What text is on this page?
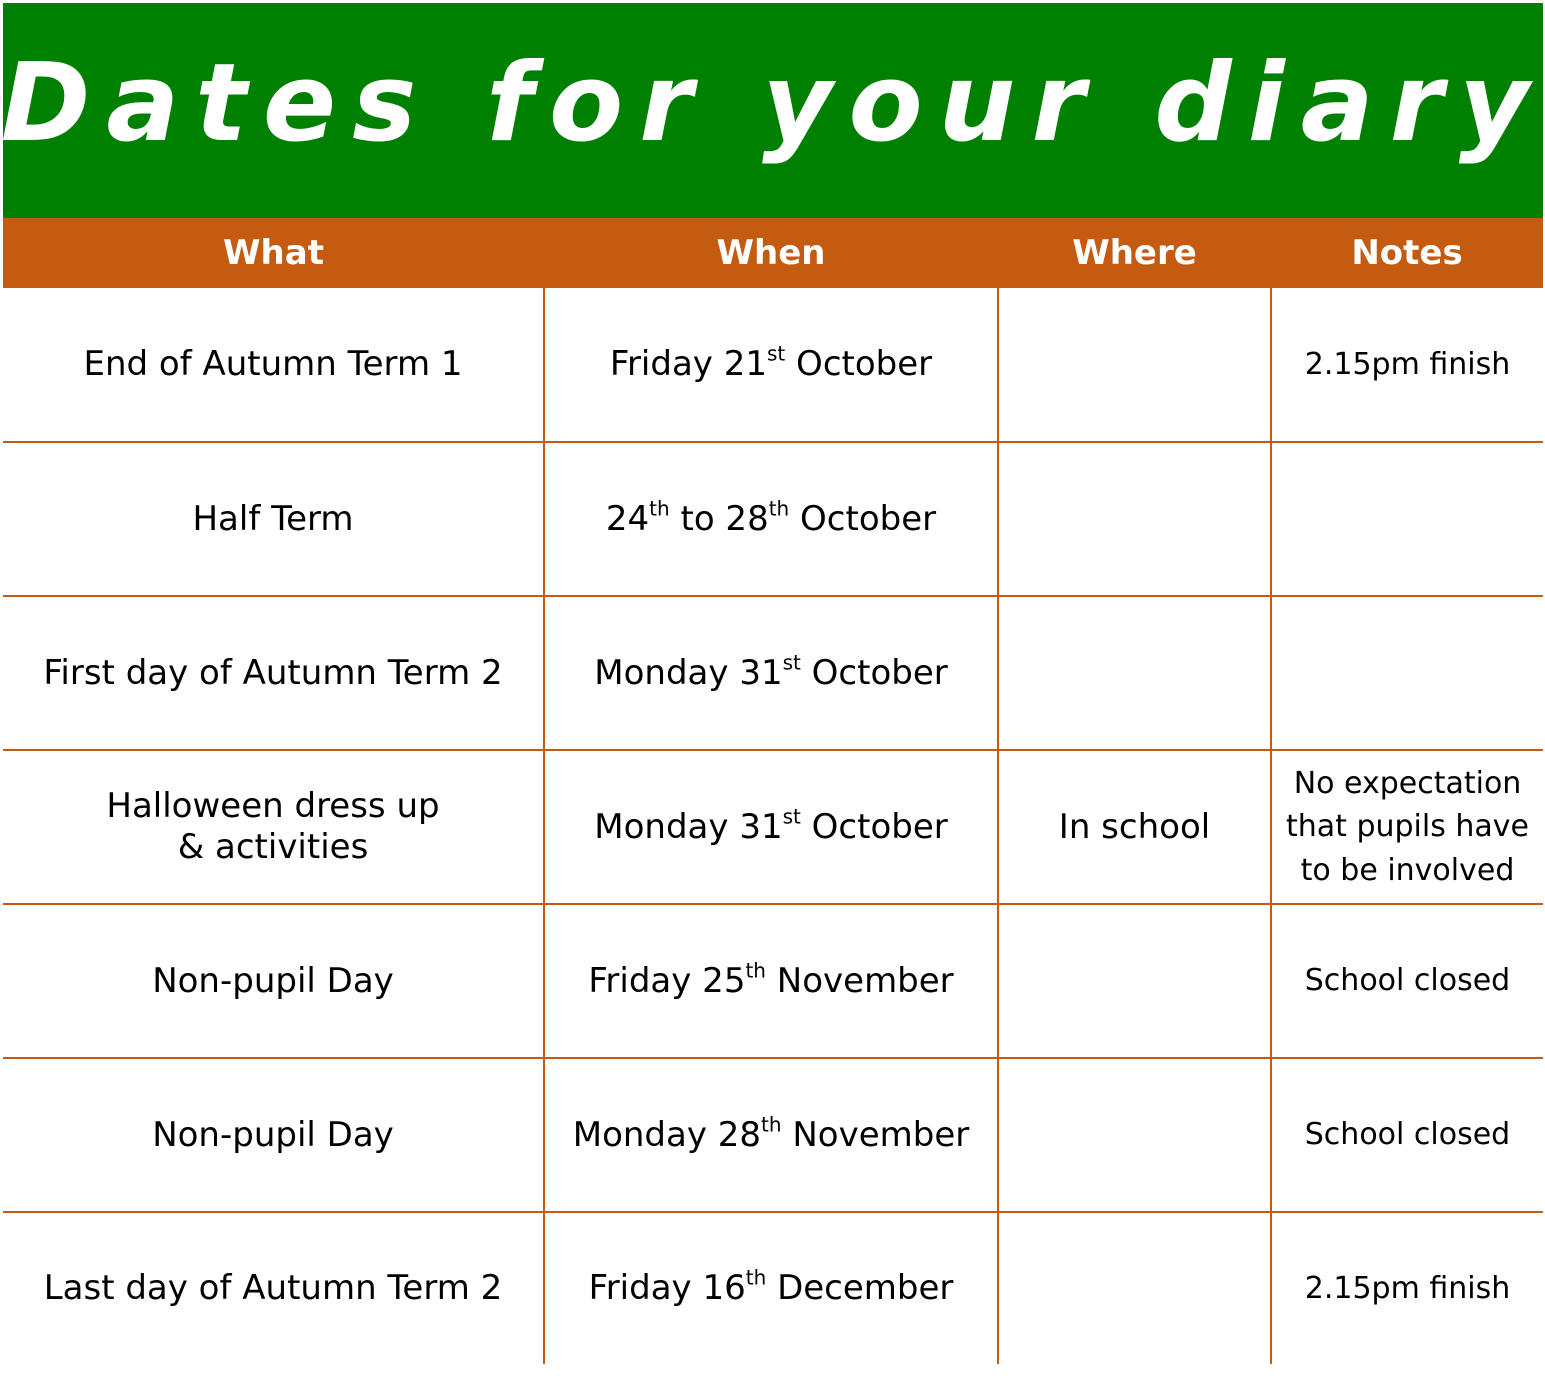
Dates for your diary
What	When	Where	Notes
End of Autumn Term 1	Friday 21st October		2.15pm finish
Half Term	24th to 28th October		
First day of Autumn Term 2	Monday 31st October		
Halloween dress up
& activities	Monday 31st October	In school	No expectation
that pupils have
to be involved
Non-pupil Day	Friday 25th November		School closed
Non-pupil Day	Monday 28th November		School closed
Last day of Autumn Term 2	Friday 16th December		2.15pm finish
